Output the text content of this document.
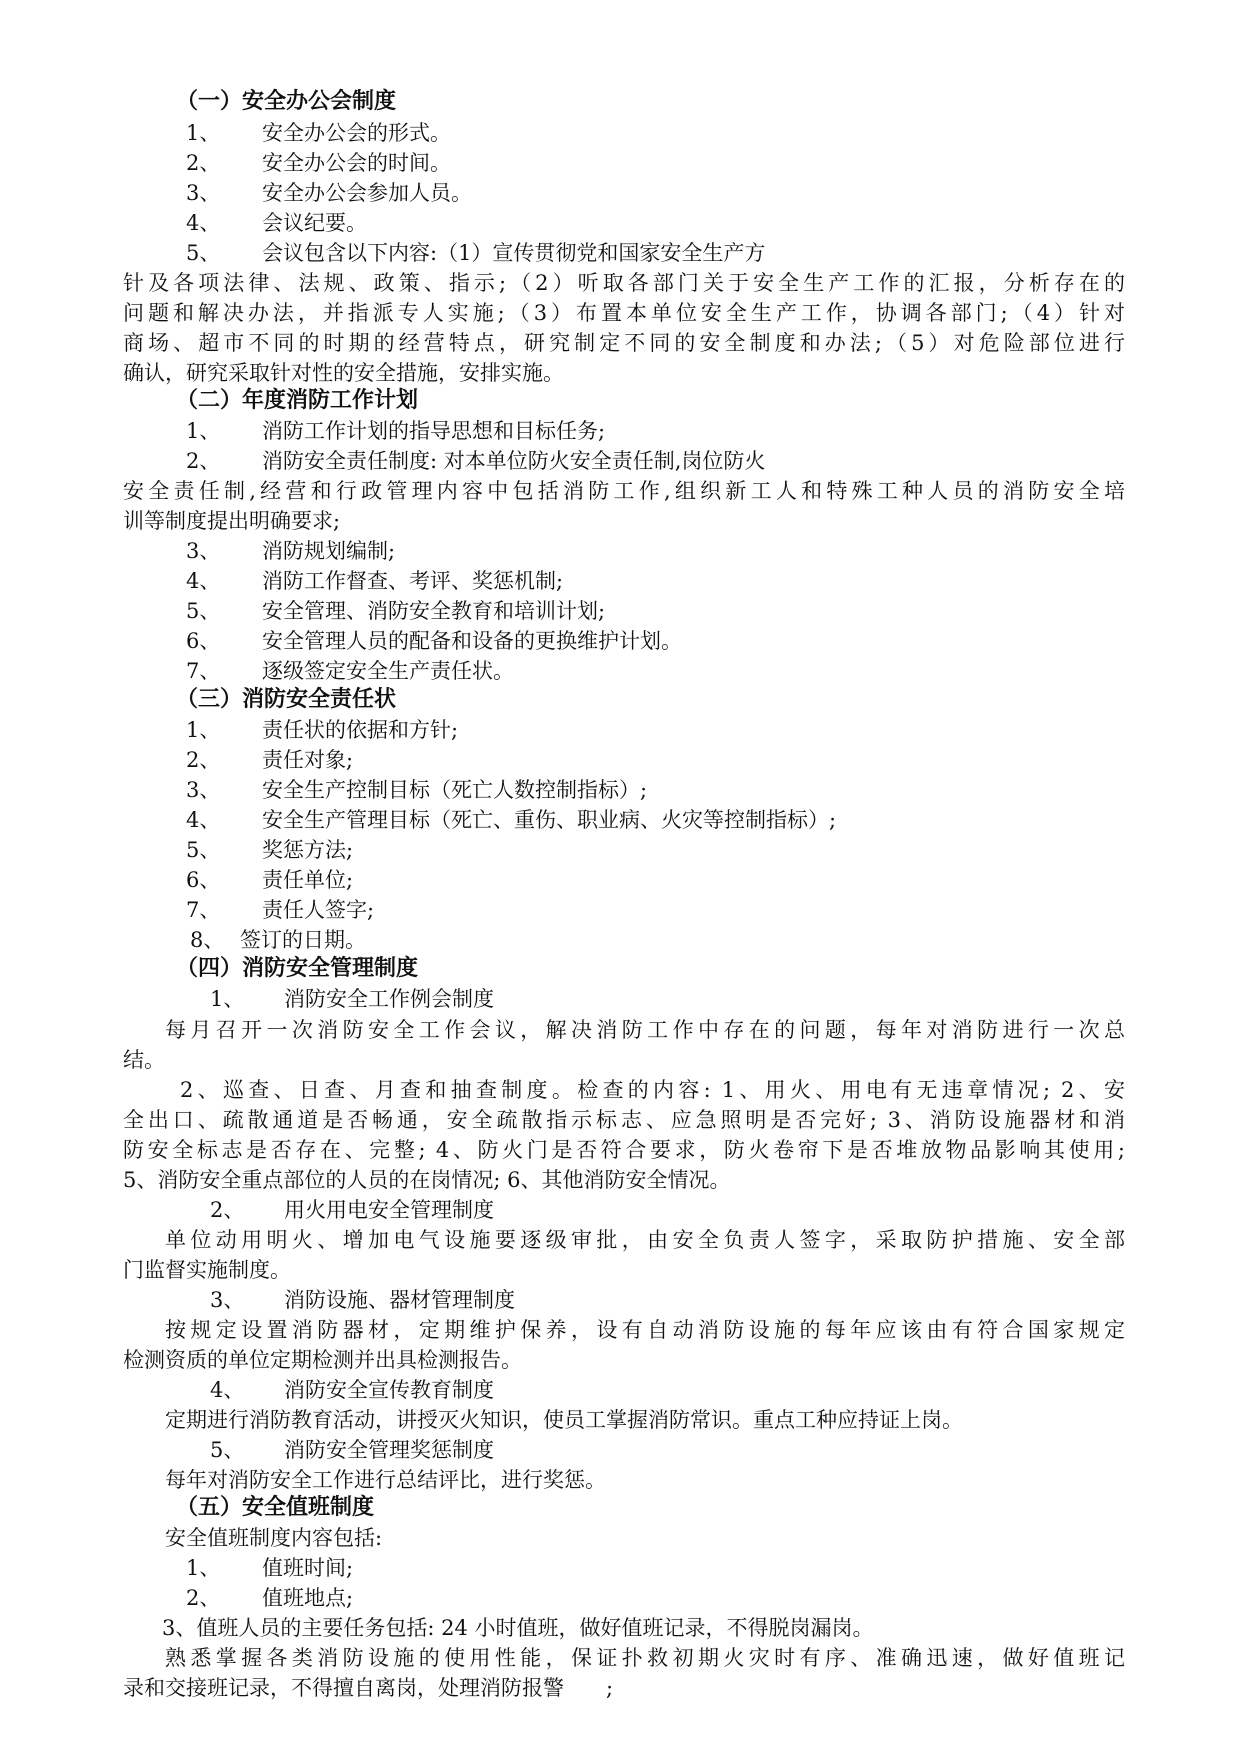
（一）安全办公会制度
1、 安全办公会的形式。
2、 安全办公会的时间。
3、 安全办公会参加人员。
4、 会议纪要。
5、 会议包含以下内容:（1）宣传贯彻党和国家安全生产方
针及各项法律、法规、政策、指示;（2）听取各部门关于安全生产工作的汇报，分析存在的
问题和解决办法，并指派专人实施;（3）布置本单位安全生产工作，协调各部门;（4）针对
商场、超市不同的时期的经营特点，研究制定不同的安全制度和办法;（5）对危险部位进行
确认，研究采取针对性的安全措施，安排实施。
（二）年度消防工作计划
1、 消防工作计划的指导思想和目标任务;
2、 消防安全责任制度: 对本单位防火安全责任制,岗位防火
安全责任制,经营和行政管理内容中包括消防工作,组织新工人和特殊工种人员的消防安全培
训等制度提出明确要求;
3、 消防规划编制;
4、 消防工作督查、考评、奖惩机制;
5、 安全管理、消防安全教育和培训计划;
6、 安全管理人员的配备和设备的更换维护计划。
7、 逐级签定安全生产责任状。
（三）消防安全责任状
1、 责任状的依据和方针;
2、 责任对象;
3、 安全生产控制目标（死亡人数控制指标）;
4、 安全生产管理目标（死亡、重伤、职业病、火灾等控制指标）;
5、 奖惩方法;
6、 责任单位;
7、 责任人签字;
8、 签订的日期。
（四）消防安全管理制度
1、 消防安全工作例会制度
每月召开一次消防安全工作会议，解决消防工作中存在的问题，每年对消防进行一次总
结。
2、巡查、日查、月查和抽查制度。检查的内容: 1、用火、用电有无违章情况; 2、安
全出口、疏散通道是否畅通，安全疏散指示标志、应急照明是否完好; 3、消防设施器材和消
防安全标志是否存在、完整; 4、防火门是否符合要求，防火卷帘下是否堆放物品影响其使用;
5、消防安全重点部位的人员的在岗情况; 6、其他消防安全情况。
2、 用火用电安全管理制度
单位动用明火、增加电气设施要逐级审批，由安全负责人签字，采取防护措施、安全部
门监督实施制度。
3、 消防设施、器材管理制度
按规定设置消防器材，定期维护保养，设有自动消防设施的每年应该由有符合国家规定
检测资质的单位定期检测并出具检测报告。
4、 消防安全宣传教育制度
定期进行消防教育活动，讲授灭火知识，使员工掌握消防常识。重点工种应持证上岗。
5、 消防安全管理奖惩制度
每年对消防安全工作进行总结评比，进行奖惩。
（五）安全值班制度
安全值班制度内容包括:
1、 值班时间;
2、 值班地点;
3、值班人员的主要任务包括: 24 小时值班，做好值班记录，不得脱岗漏岗。
熟悉掌握各类消防设施的使用性能，保证扑救初期火灾时有序、准确迅速，做好值班记
录和交接班记录，不得擅自离岗，处理消防报警　　;
